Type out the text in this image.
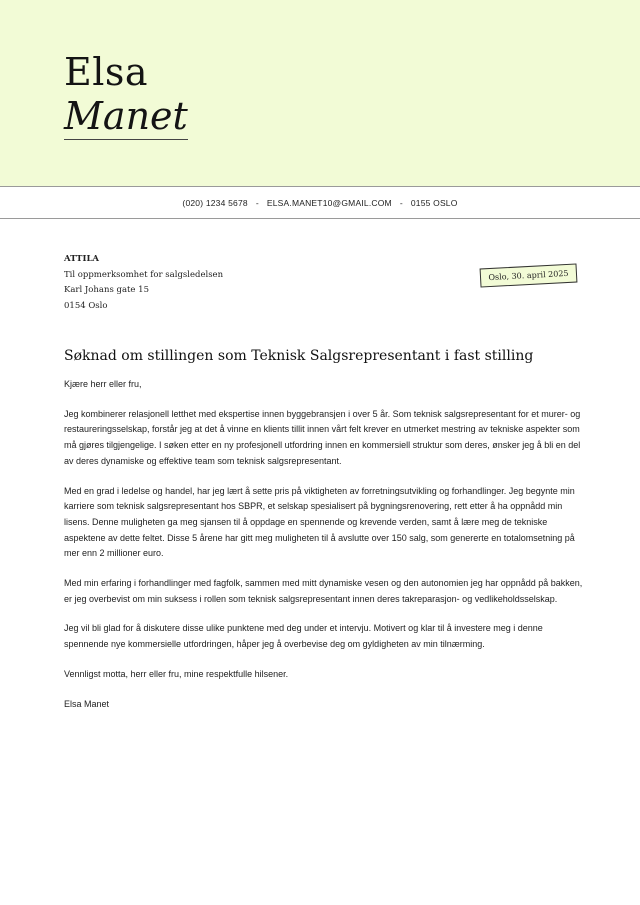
Elsa
Manet
(020) 1234 5678 - ELSA.MANET10@GMAIL.COM - 0155 OSLO
ATTILA
Til oppmerksomhet for salgsledelsen
Karl Johans gate 15
0154 Oslo
Oslo, 30. april 2025
Søknad om stillingen som Teknisk Salgsrepresentant i fast stilling

Kjære herr eller fru,

Jeg kombinerer relasjonell letthet med ekspertise innen byggebransjen i over 5 år. Som teknisk salgsrepresentant for et murer- og restaureringsselskap, forstår jeg at det å vinne en klients tillit innen vårt felt krever en utmerket mestring av tekniske aspekter som må gjøres tilgjengelige. I søken etter en ny profesjonell utfordring innen en kommersiell struktur som deres, ønsker jeg å bli en del av deres dynamiske og effektive team som teknisk salgsrepresentant.

Med en grad i ledelse og handel, har jeg lært å sette pris på viktigheten av forretningsutvikling og forhandlinger. Jeg begynte min karriere som teknisk salgsrepresentant hos SBPR, et selskap spesialisert på bygningsrenovering, rett etter å ha oppnådd min lisens. Denne muligheten ga meg sjansen til å oppdage en spennende og krevende verden, samt å lære meg de tekniske aspektene av dette feltet. Disse 5 årene har gitt meg muligheten til å avslutte over 150 salg, som genererte en totalomsetning på mer enn 2 millioner euro.

Med min erfaring i forhandlinger med fagfolk, sammen med mitt dynamiske vesen og den autonomien jeg har oppnådd på bakken, er jeg overbevist om min suksess i rollen som teknisk salgsrepresentant innen deres takreparasjon- og vedlikeholdsselskap.

Jeg vil bli glad for å diskutere disse ulike punktene med deg under et intervju. Motivert og klar til å investere meg i denne spennende nye kommersielle utfordringen, håper jeg å overbevise deg om gyldigheten av min tilnærming.

Vennligst motta, herr eller fru, mine respektfulle hilsener.

Elsa Manet
